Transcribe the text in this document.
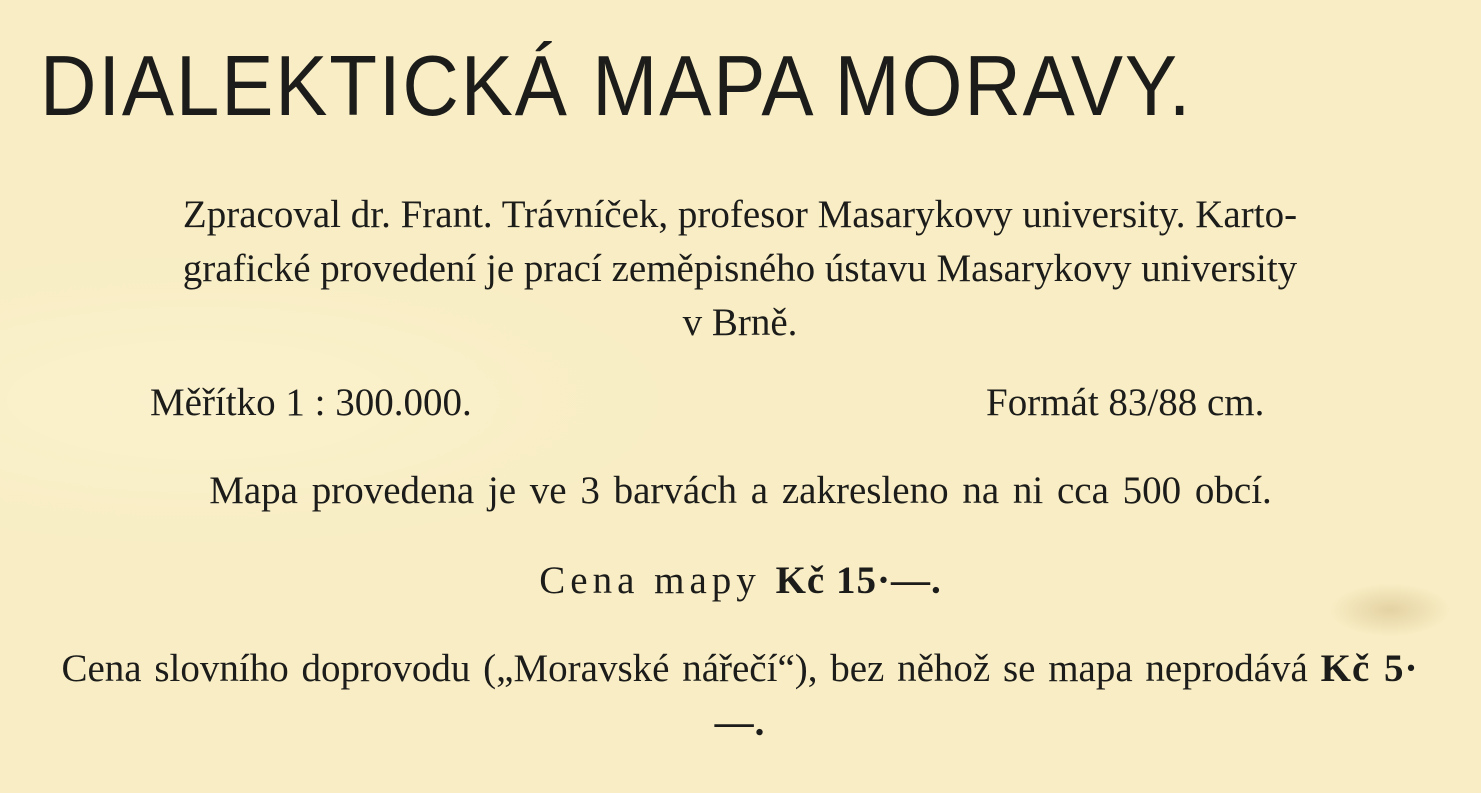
DIALEKTICKÁ MAPA MORAVY.
Zpracoval dr. Frant. Trávníček, profesor Masarykovy university. Karto-
grafické provedení je prací zeměpisného ústavu Masarykovy university
v Brně.
Měřítko 1 : 300.000.	Formát 83/88 cm.
Mapa provedena je ve 3 barvách a zakresleno na ni cca 500 obcí.
Cena mapy Kč 15·—.
Cena slovního doprovodu („Moravské nářečí“), bez něhož se mapa neprodává Kč 5·—.
